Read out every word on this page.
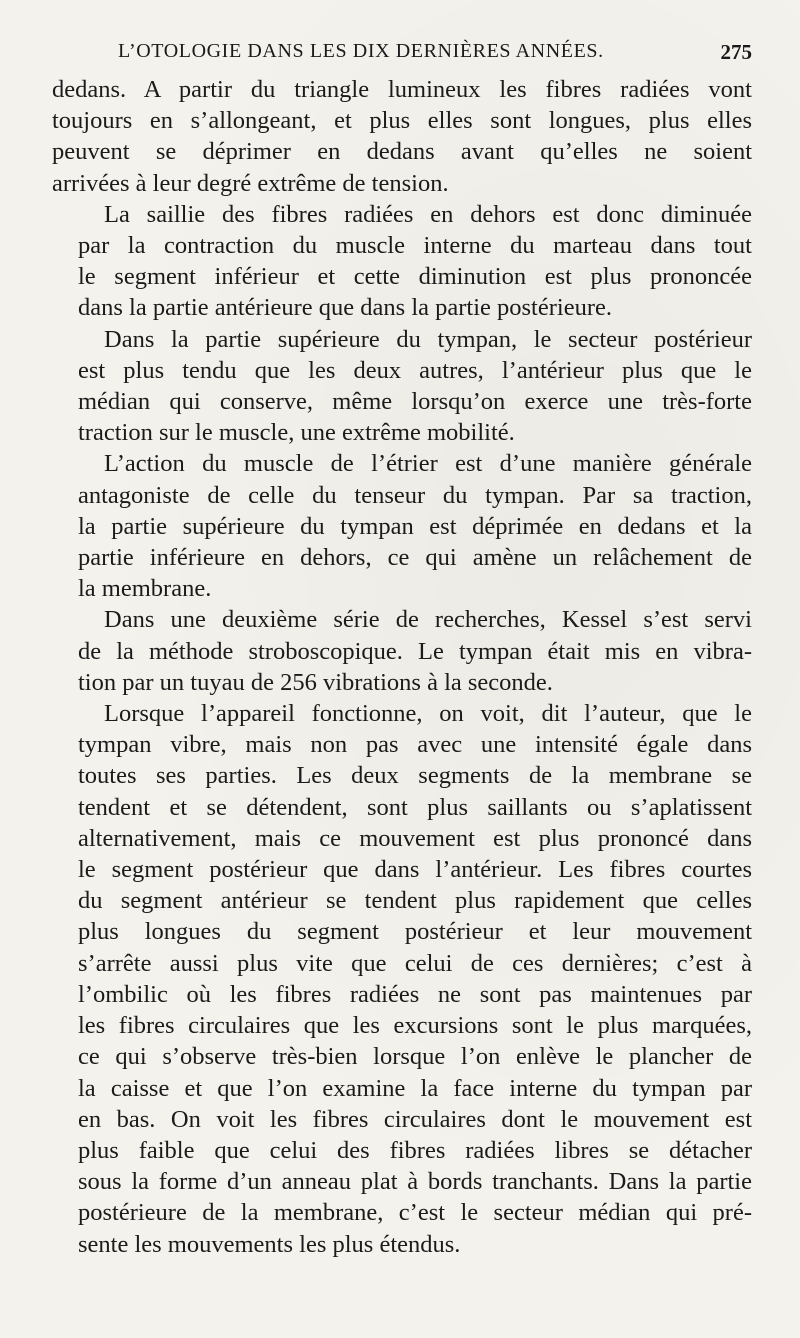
L’OTOLOGIE DANS LES DIX DERNIÈRES ANNÉES.	275

dedans. A partir du triangle lumineux les fibres radiées vont
toujours en s’allongeant, et plus elles sont longues, plus elles
peuvent se déprimer en dedans avant qu’elles ne soient
arrivées à leur degré extrême de tension.

La saillie des fibres radiées en dehors est donc diminuée
par la contraction du muscle interne du marteau dans tout
le segment inférieur et cette diminution est plus prononcée
dans la partie antérieure que dans la partie postérieure.

Dans la partie supérieure du tympan, le secteur postérieur
est plus tendu que les deux autres, l’antérieur plus que le
médian qui conserve, même lorsqu’on exerce une très-forte
traction sur le muscle, une extrême mobilité.

L’action du muscle de l’étrier est d’une manière générale
antagoniste de celle du tenseur du tympan. Par sa traction,
la partie supérieure du tympan est déprimée en dedans et la
partie inférieure en dehors, ce qui amène un relâchement de
la membrane.

Dans une deuxième série de recherches, Kessel s’est servi
de la méthode stroboscopique. Le tympan était mis en vibra-
tion par un tuyau de 256 vibrations à la seconde.

Lorsque l’appareil fonctionne, on voit, dit l’auteur, que le
tympan vibre, mais non pas avec une intensité égale dans
toutes ses parties. Les deux segments de la membrane se
tendent et se détendent, sont plus saillants ou s’aplatissent
alternativement, mais ce mouvement est plus prononcé dans
le segment postérieur que dans l’antérieur. Les fibres courtes
du segment antérieur se tendent plus rapidement que celles
plus longues du segment postérieur et leur mouvement
s’arrête aussi plus vite que celui de ces dernières; c’est à
l’ombilic où les fibres radiées ne sont pas maintenues par
les fibres circulaires que les excursions sont le plus marquées,
ce qui s’observe très-bien lorsque l’on enlève le plancher de
la caisse et que l’on examine la face interne du tympan par
en bas. On voit les fibres circulaires dont le mouvement est
plus faible que celui des fibres radiées libres se détacher
sous la forme d’un anneau plat à bords tranchants. Dans la partie
postérieure de la membrane, c’est le secteur médian qui pré-
sente les mouvements les plus étendus.
